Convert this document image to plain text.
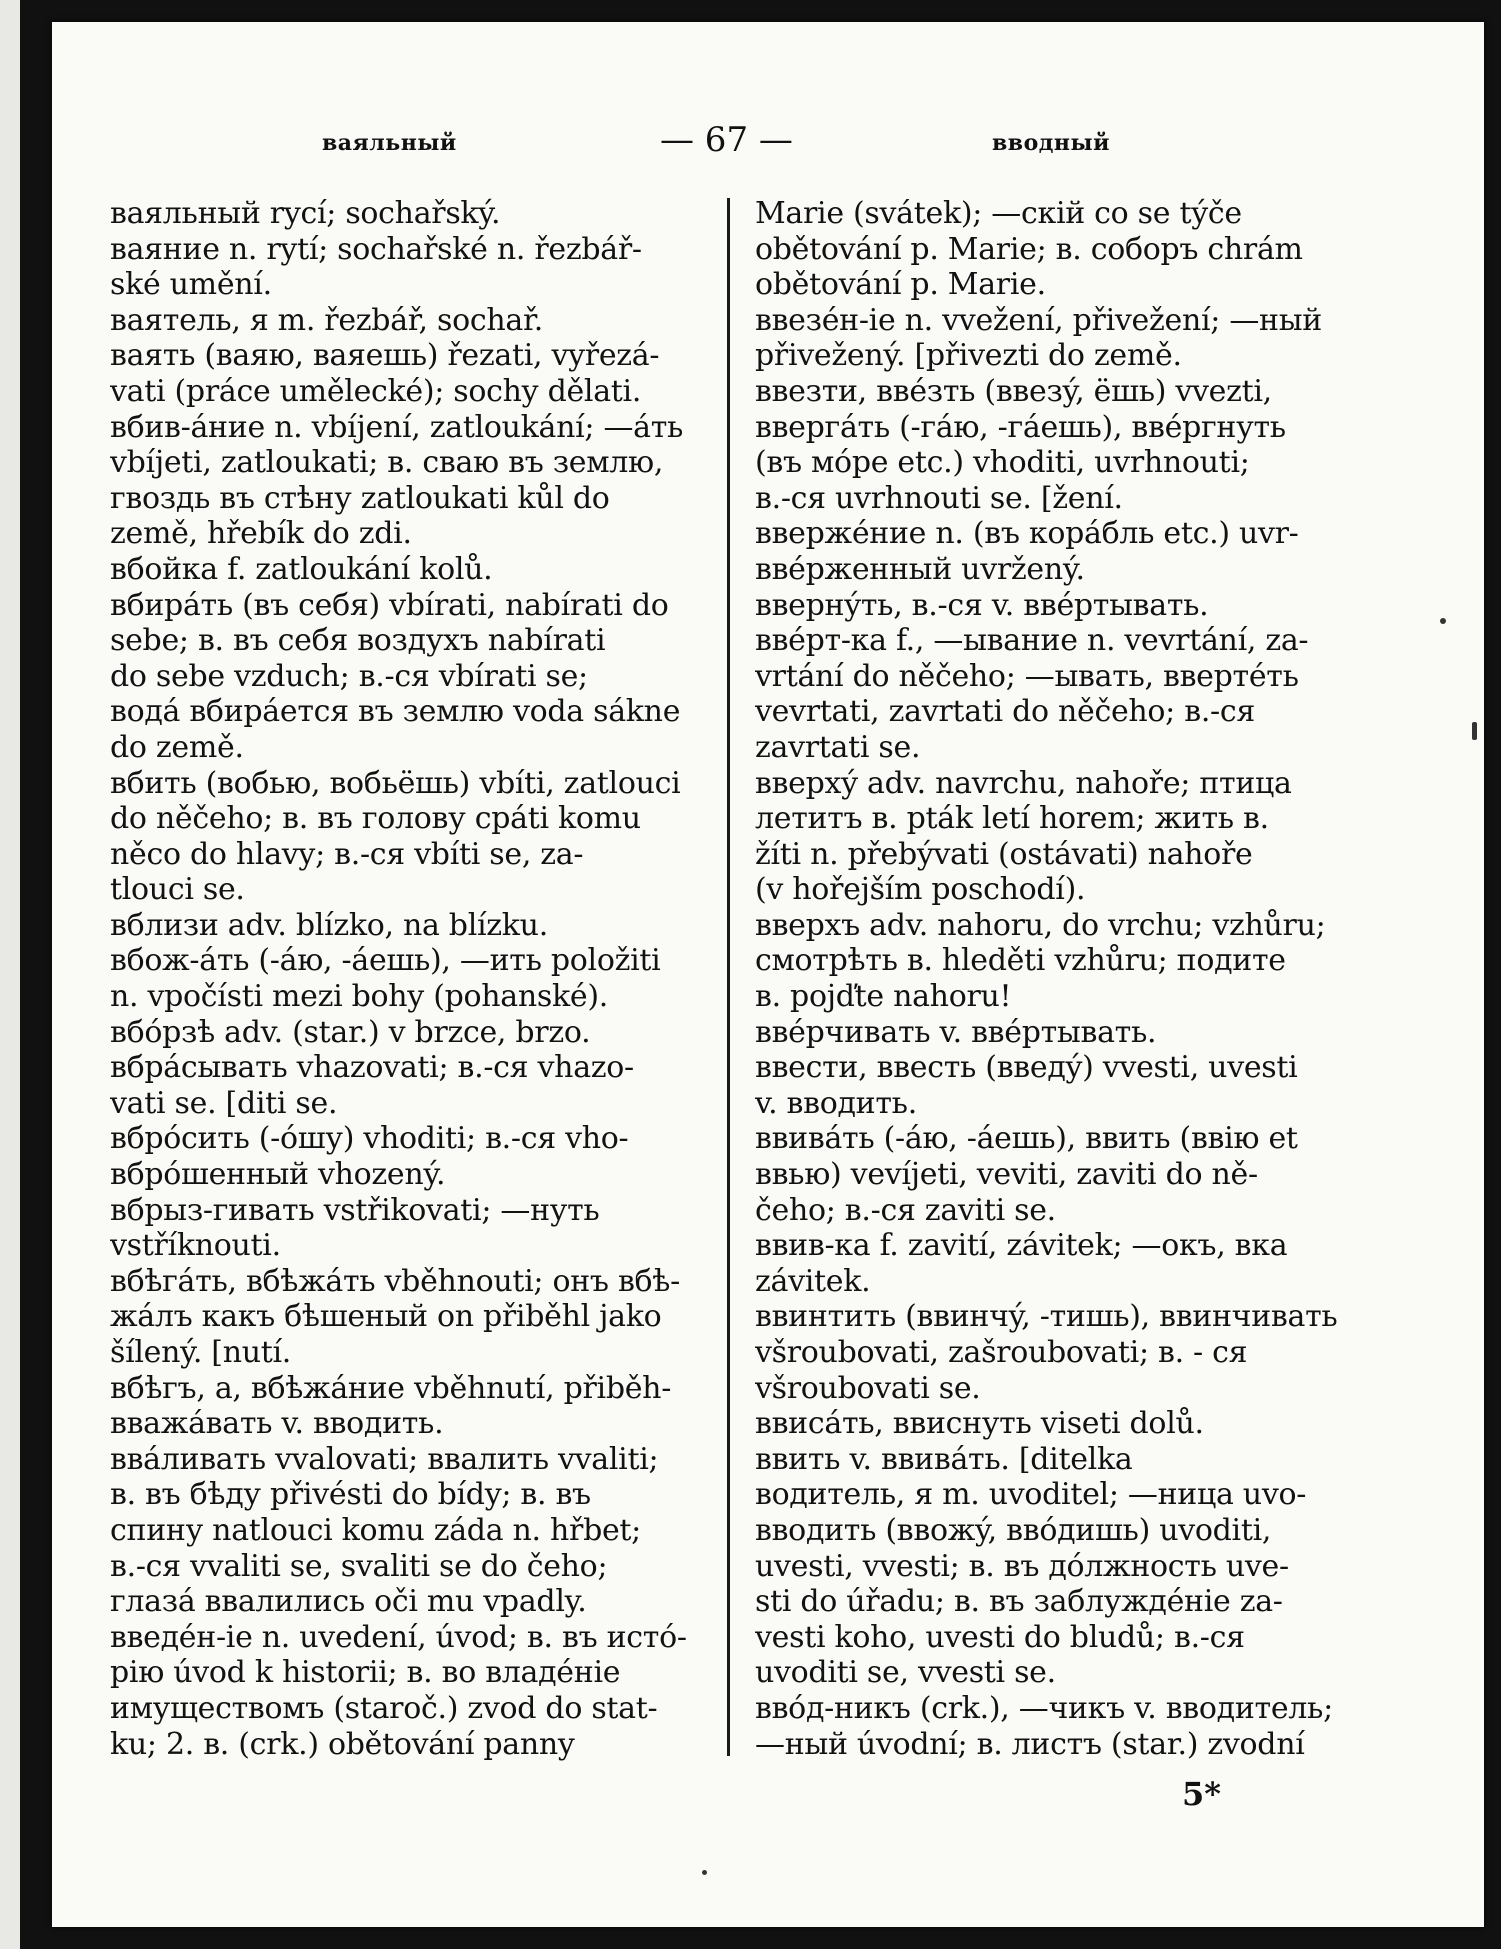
ваяльный	— 67 —	вводный
ваяльный rycí; sochařský.
ваяние n. rytí; sochařské n. řezbář-
ské umění.
ваятель, я m. řezbář, sochař.
ваять (ваяю, ваяешь) řezati, vyřezá-
vati (práce umělecké); sochy dělati.
вбив-áние n. vbíjení, zatloukání; —áть
vbíjeti, zatloukati; в. сваю въ землю,
гвоздь въ стѣну zatloukati kůl do
země, hřebík do zdi.
вбойка f. zatloukání kolů.
вбирáть (въ себя) vbírati, nabírati do
sebe; в. въ себя воздухъ nabírati
do sebe vzduch; в.-ся vbírati se;
водá вбирáется въ землю voda sákne
do země.
вбить (вобью, вобьёшь) vbíti, zatlouci
do něčeho; в. въ голову cpáti komu
něco do hlavy; в.-ся vbíti se, za-
tlouci se.
вблизи adv. blízko, na blízku.
вбож-áть (-áю, -áешь), —ить položiti
n. vpočísti mezi bohy (pohanské).
вбóрзѣ adv. (star.) v brzce, brzo.
вбрáсывать vhazovati; в.-ся vhazo-
vati se. [diti se.
вбрóсить (-óшу) vhoditi; в.-ся vho-
вбрóшенный vhozený.
вбрыз-гивать vstřikovati; —нуть
vstříknouti.
вбѣгáть, вбѣжáть vběhnouti; онъ вбѣ-
жáлъ какъ бѣшеный on přiběhl jako
šílený. [nutí.
вбѣгъ, а, вбѣжáние vběhnutí, přiběh-
вважáвать v. вводить.
ввáливать vvalovati; ввалить vvaliti;
в. въ бѣду přivésti do bídy; в. въ
спину natlouci komu záda n. hřbet;
в.-ся vvaliti se, svaliti se do čeho;
глазá ввалились oči mu vpadly.
введéн-ie n. uvedení, úvod; в. въ истó-
рію úvod k historii; в. во владéніе
имуществомъ (staroč.) zvod do stat-
ku; 2. в. (crk.) obětování panny
Marie (svátek); —скій co se týče
obětování p. Marie; в. соборъ chrám
obětování p. Marie.
ввезéн-ie n. vvežení, přivežení; —ный
přivežený. [přivezti do země.
ввезти, ввéзть (ввезý, ёшь) vvezti,
ввергáть (-гáю, -гáешь), ввéргнуть
(въ мóре etc.) vhoditi, uvrhnouti;
в.-ся uvrhnouti se. [žení.
ввержéние n. (въ корáбль etc.) uvr-
ввéрженный uvržený.
ввернýть, в.-ся v. ввéртывать.
ввéрт-ка f., —ывание n. vevrtání, za-
vrtání do něčeho; —ывать, ввертéть
vevrtati, zavrtati do něčeho; в.-ся
zavrtati se.
вверхý adv. navrchu, nahoře; птица
летитъ в. pták letí horem; жить в.
žíti n. přebývati (ostávati) nahoře
(v hořejším poschodí).
вверхъ adv. nahoru, do vrchu; vzhůru;
смотрѣть в. hleděti vzhůru; подите
в. pojďte nahoru!
ввéрчивать v. ввéртывать.
ввести, ввесть (введý) vvesti, uvesti
v. вводить.
ввивáть (-áю, -áешь), ввить (ввію et
ввью) vevíjeti, veviti, zaviti do ně-
čeho; в.-ся zaviti se.
ввив-ка f. zavití, závitek; —окъ, вка
závitek.
ввинтить (ввинчý, -тишь), ввинчивать
všroubovati, zašroubovati; в. - ся
všroubovati se.
ввисáть, ввиснуть viseti dolů.
ввить v. ввивáть. [ditelka
водитель, я m. uvoditel; —ница uvo-
вводить (ввожý, ввóдишь) uvoditi,
uvesti, vvesti; в. въ дóлжность uve-
sti do úřadu; в. въ заблуждéніе za-
vesti koho, uvesti do bludů; в.-ся
uvoditi se, vvesti se.
ввóд-никъ (crk.), —чикъ v. вводитель;
—ный úvodní; в. листъ (star.) zvodní
5*
